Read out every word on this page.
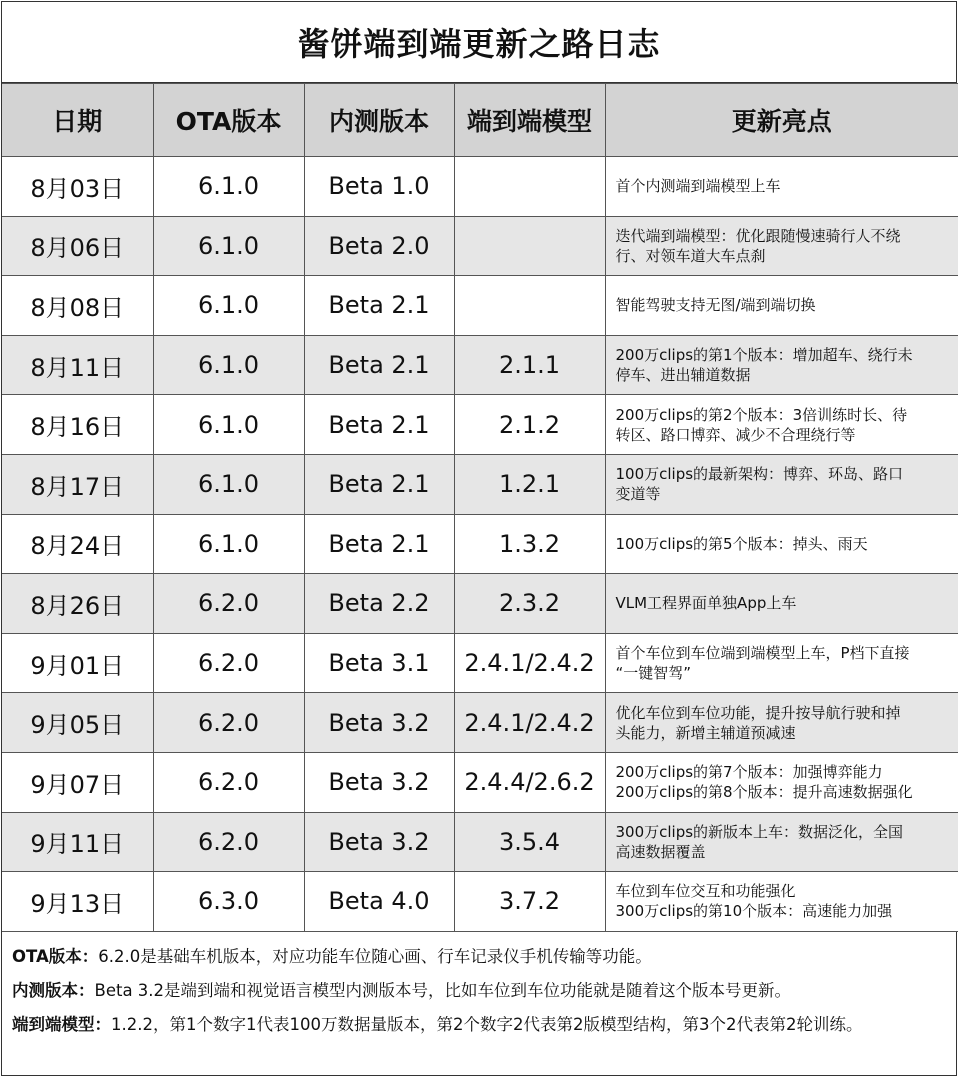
酱饼端到端更新之路日志
日期	OTA版本	内测版本	端到端模型	更新亮点
8月03日	6.1.0	Beta 1.0		首个内测端到端模型上车

8月06日	6.1.0	Beta 2.0		迭代端到端模型：优化跟随慢速骑行人不绕
行、对领车道大车点刹

8月08日	6.1.0	Beta 2.1		智能驾驶支持无图/端到端切换

8月11日	6.1.0	Beta 2.1	2.1.1	200万clips的第1个版本：增加超车、绕行未
停车、进出辅道数据

8月16日	6.1.0	Beta 2.1	2.1.2	200万clips的第2个版本：3倍训练时长、待
转区、路口博弈、减少不合理绕行等

8月17日	6.1.0	Beta 2.1	1.2.1	100万clips的最新架构：博弈、环岛、路口
变道等

8月24日	6.1.0	Beta 2.1	1.3.2	100万clips的第5个版本：掉头、雨天

8月26日	6.2.0	Beta 2.2	2.3.2	VLM工程界面单独App上车

9月01日	6.2.0	Beta 3.1	2.4.1/2.4.2	首个车位到车位端到端模型上车，P档下直接
“一键智驾”

9月05日	6.2.0	Beta 3.2	2.4.1/2.4.2	优化车位到车位功能，提升按导航行驶和掉
头能力，新增主辅道预减速

9月07日	6.2.0	Beta 3.2	2.4.4/2.6.2	200万clips的第7个版本：加强博弈能力
200万clips的第8个版本：提升高速数据强化

9月11日	6.2.0	Beta 3.2	3.5.4	300万clips的新版本上车：数据泛化，全国
高速数据覆盖

9月13日	6.3.0	Beta 4.0	3.7.2	车位到车位交互和功能强化
300万clips的第10个版本：高速能力加强
OTA版本：6.2.0是基础车机版本，对应功能车位随心画、行车记录仪手机传输等功能。
内测版本：Beta 3.2是端到端和视觉语言模型内测版本号，比如车位到车位功能就是随着这个版本号更新。
端到端模型：1.2.2，第1个数字1代表100万数据量版本，第2个数字2代表第2版模型结构，第3个2代表第2轮训练。
